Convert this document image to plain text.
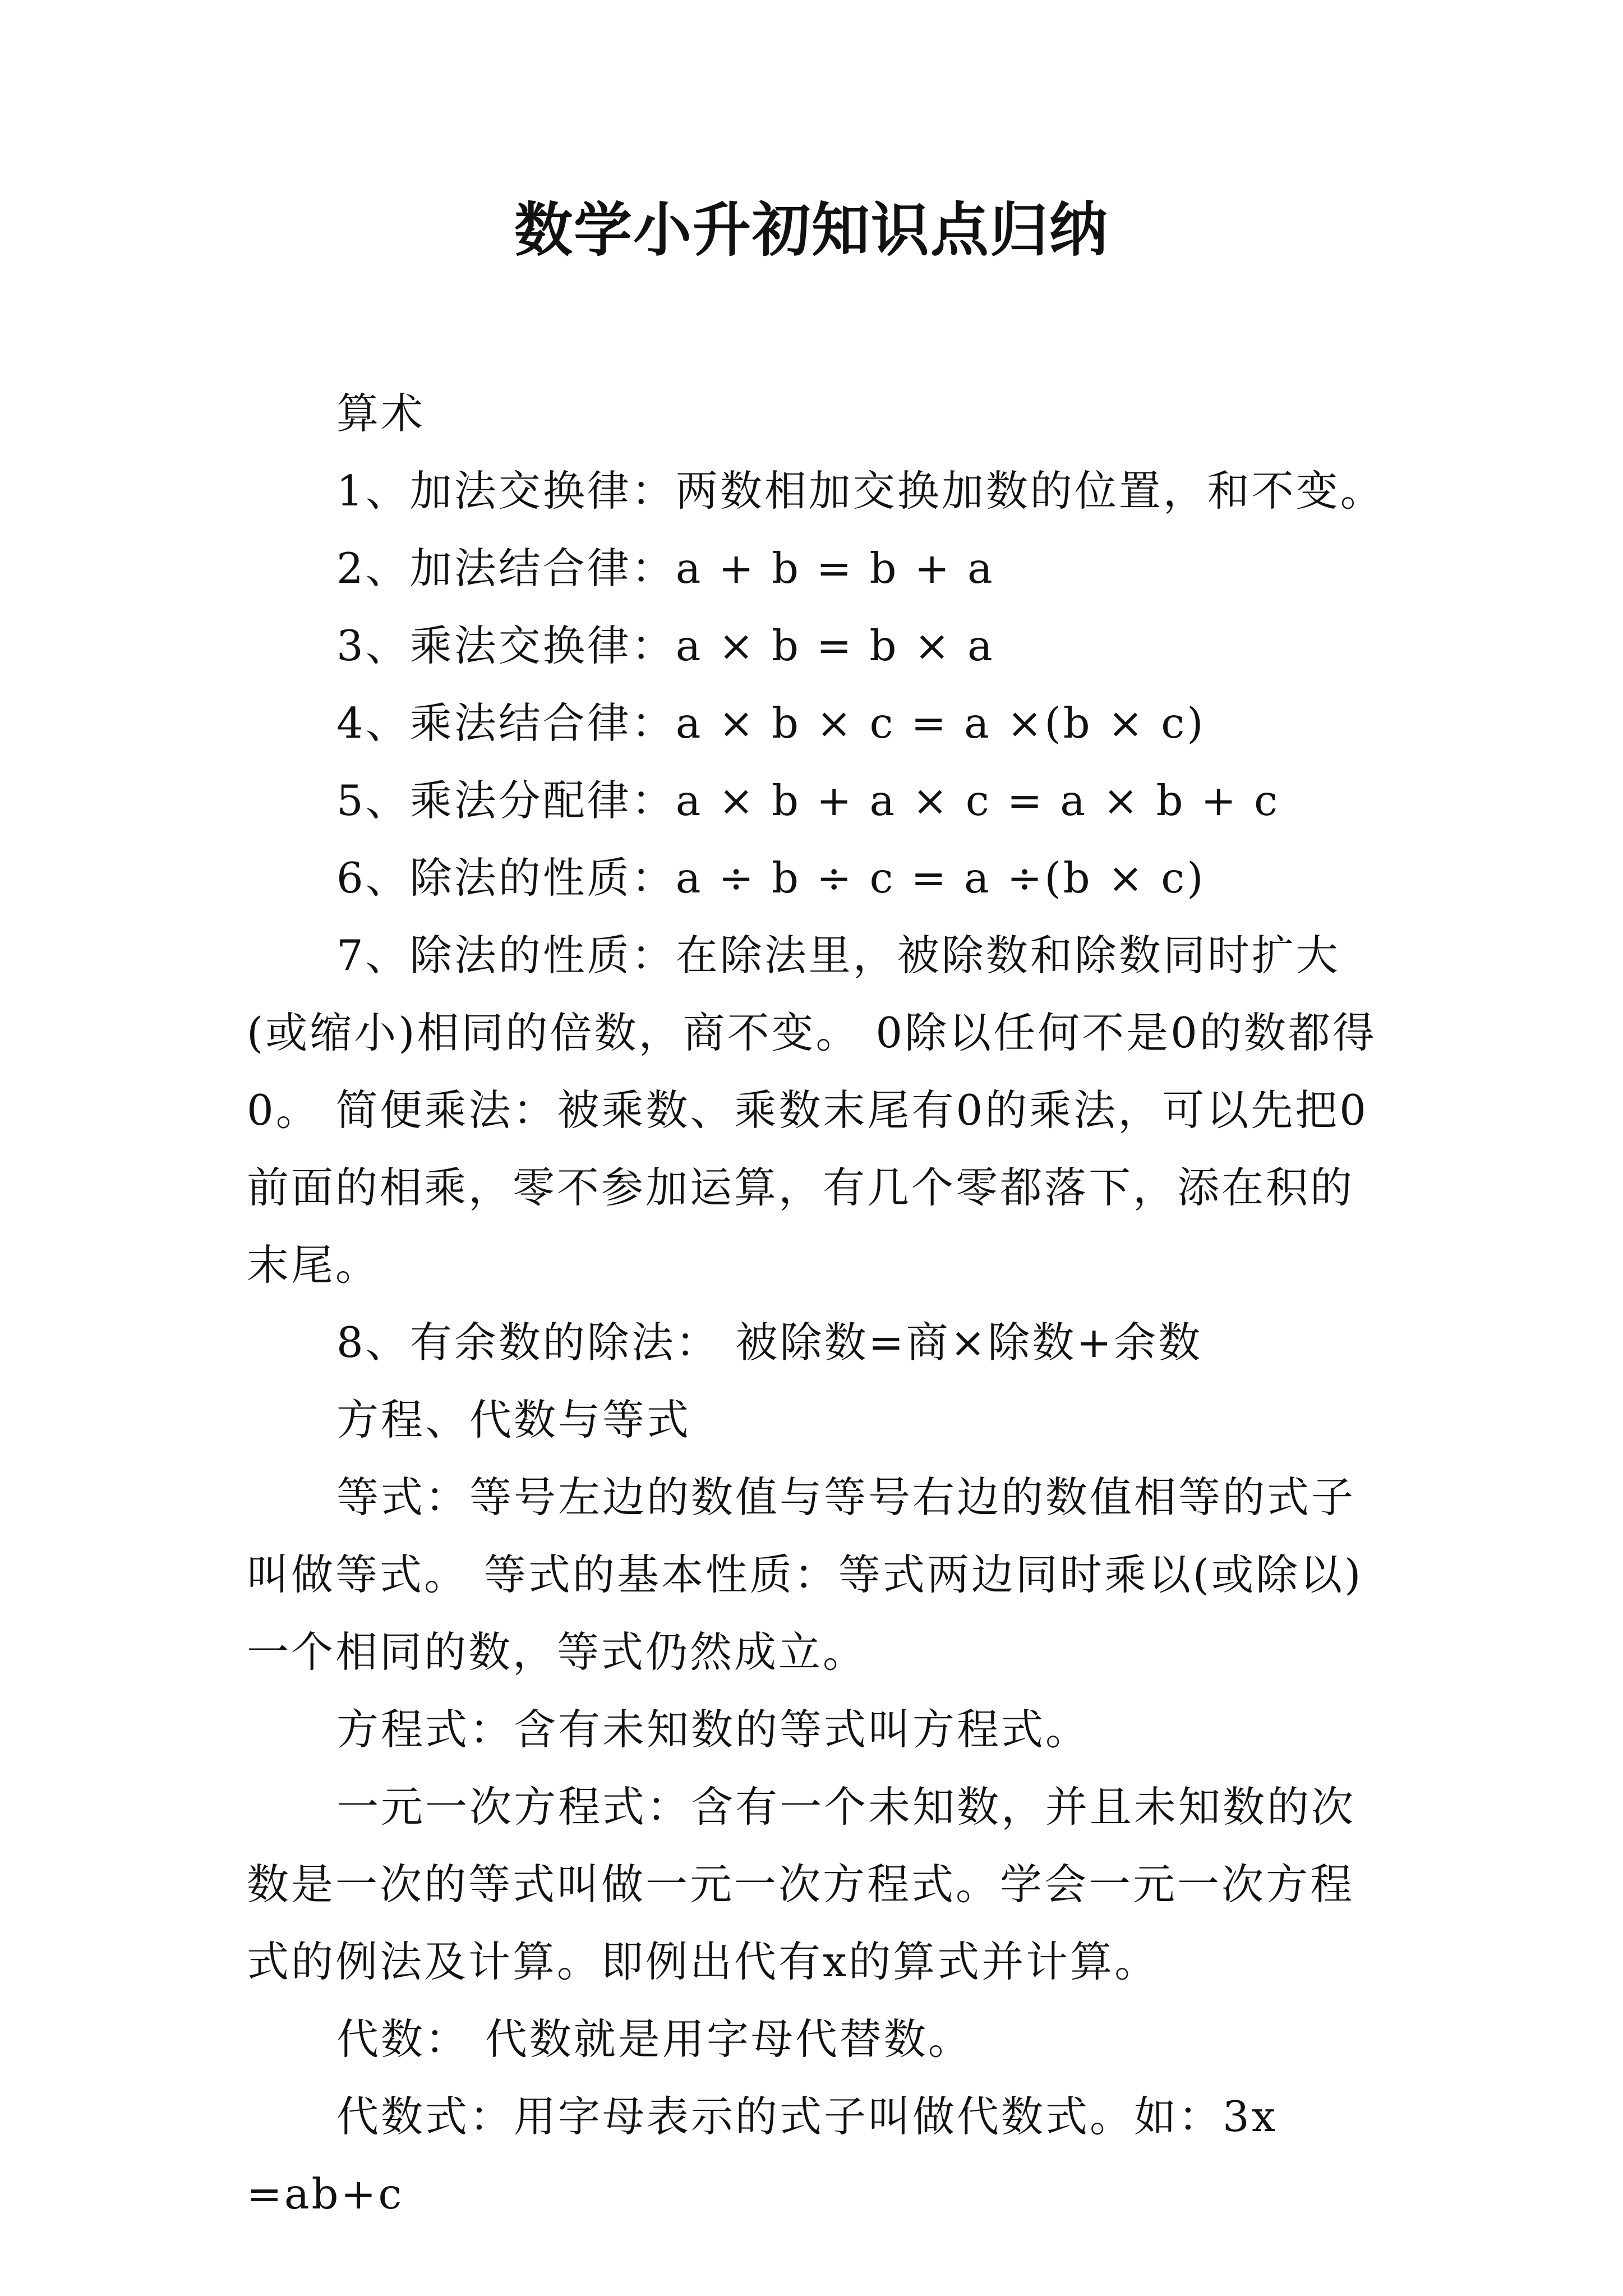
数学小升初知识点归纳

算术

1、加法交换律：两数相加交换加数的位置，和不变。

2、加法结合律：a + b = b + a

3、乘法交换律：a × b = b × a

4、乘法结合律：a × b × c = a ×(b × c)

5、乘法分配律：a × b + a × c = a × b + c

6、除法的性质：a ÷ b ÷ c = a ÷(b × c)

7、除法的性质：在除法里，被除数和除数同时扩大(或缩小)相同的倍数，商不变。 0除以任何不是0的数都得0。 简便乘法：被乘数、乘数末尾有0的乘法，可以先把0前面的相乘，零不参加运算，有几个零都落下，添在积的末尾。

8、有余数的除法： 被除数=商×除数+余数

方程、代数与等式

等式：等号左边的数值与等号右边的数值相等的式子叫做等式。 等式的基本性质：等式两边同时乘以(或除以)一个相同的数，等式仍然成立。

方程式：含有未知数的等式叫方程式。

一元一次方程式：含有一个未知数，并且未知数的次数是一次的等式叫做一元一次方程式。学会一元一次方程式的例法及计算。即例出代有x的算式并计算。

代数： 代数就是用字母代替数。

代数式：用字母表示的式子叫做代数式。如：3x =ab+c
